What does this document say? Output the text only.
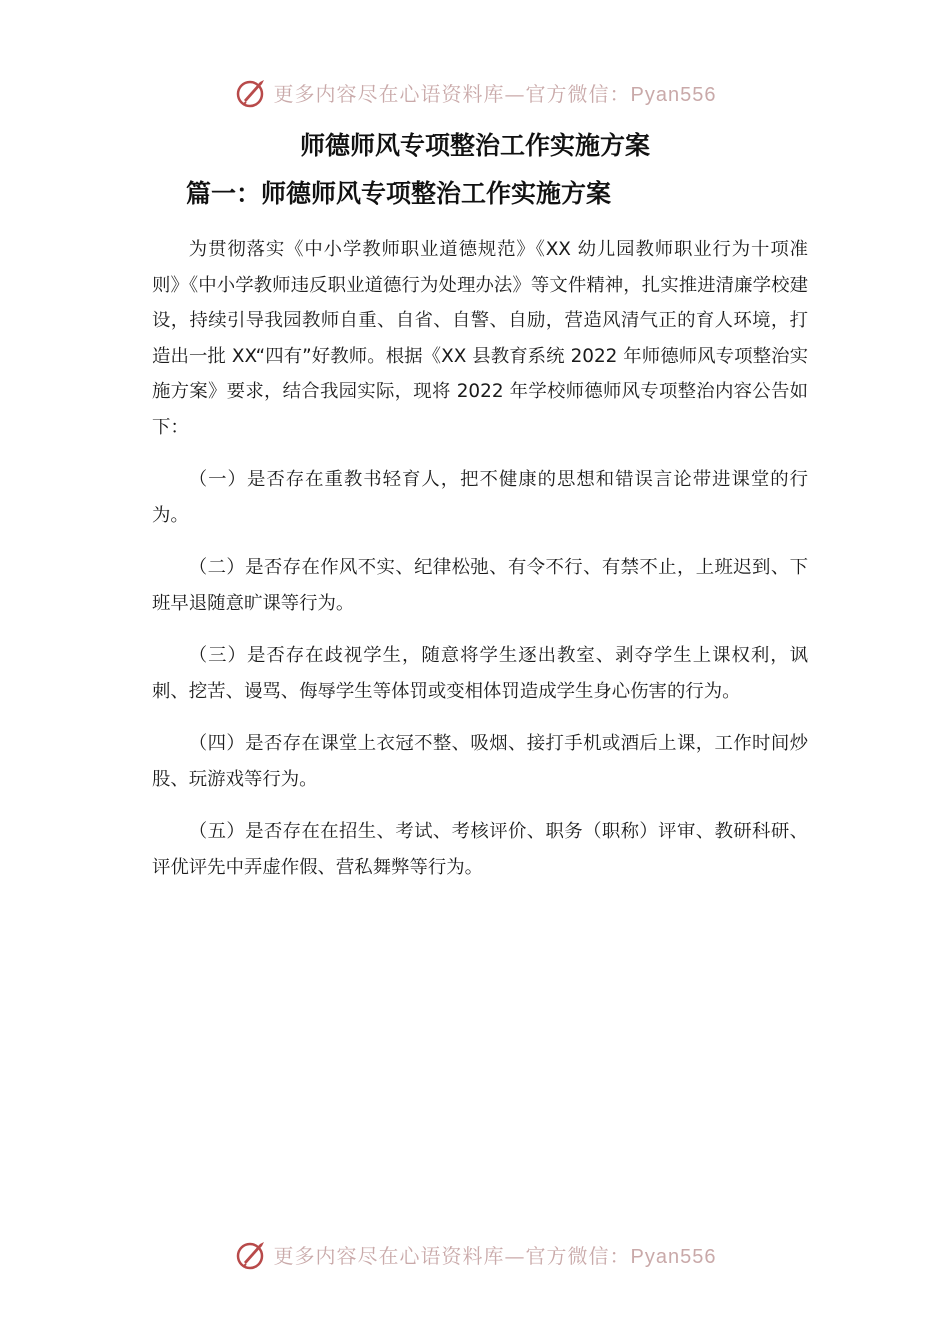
更多内容尽在心语资料库—官方微信：Pyan556
师德师风专项整治工作实施方案
篇一：师德师风专项整治工作实施方案

为贯彻落实《中小学教师职业道德规范》《XX 幼儿园教师职业行为十项准则》《中小学教师违反职业道德行为处理办法》等文件精神，扎实推进清廉学校建设，持续引导我园教师自重、自省、自警、自励，营造风清气正的育人环境，打造出一批 XX“四有”好教师。根据《XX 县教育系统 2022 年师德师风专项整治实施方案》要求，结合我园实际，现将 2022 年学校师德师风专项整治内容公告如下：

（一）是否存在重教书轻育人，把不健康的思想和错误言论带进课堂的行为。

（二）是否存在作风不实、纪律松弛、有令不行、有禁不止，上班迟到、下班早退随意旷课等行为。

（三）是否存在歧视学生，随意将学生逐出教室、剥夺学生上课权利，讽刺、挖苦、谩骂、侮辱学生等体罚或变相体罚造成学生身心伤害的行为。

（四）是否存在课堂上衣冠不整、吸烟、接打手机或酒后上课，工作时间炒股、玩游戏等行为。

（五）是否存在在招生、考试、考核评价、职务（职称）评审、教研科研、评优评先中弄虚作假、营私舞弊等行为。

更多内容尽在心语资料库—官方微信：Pyan556
